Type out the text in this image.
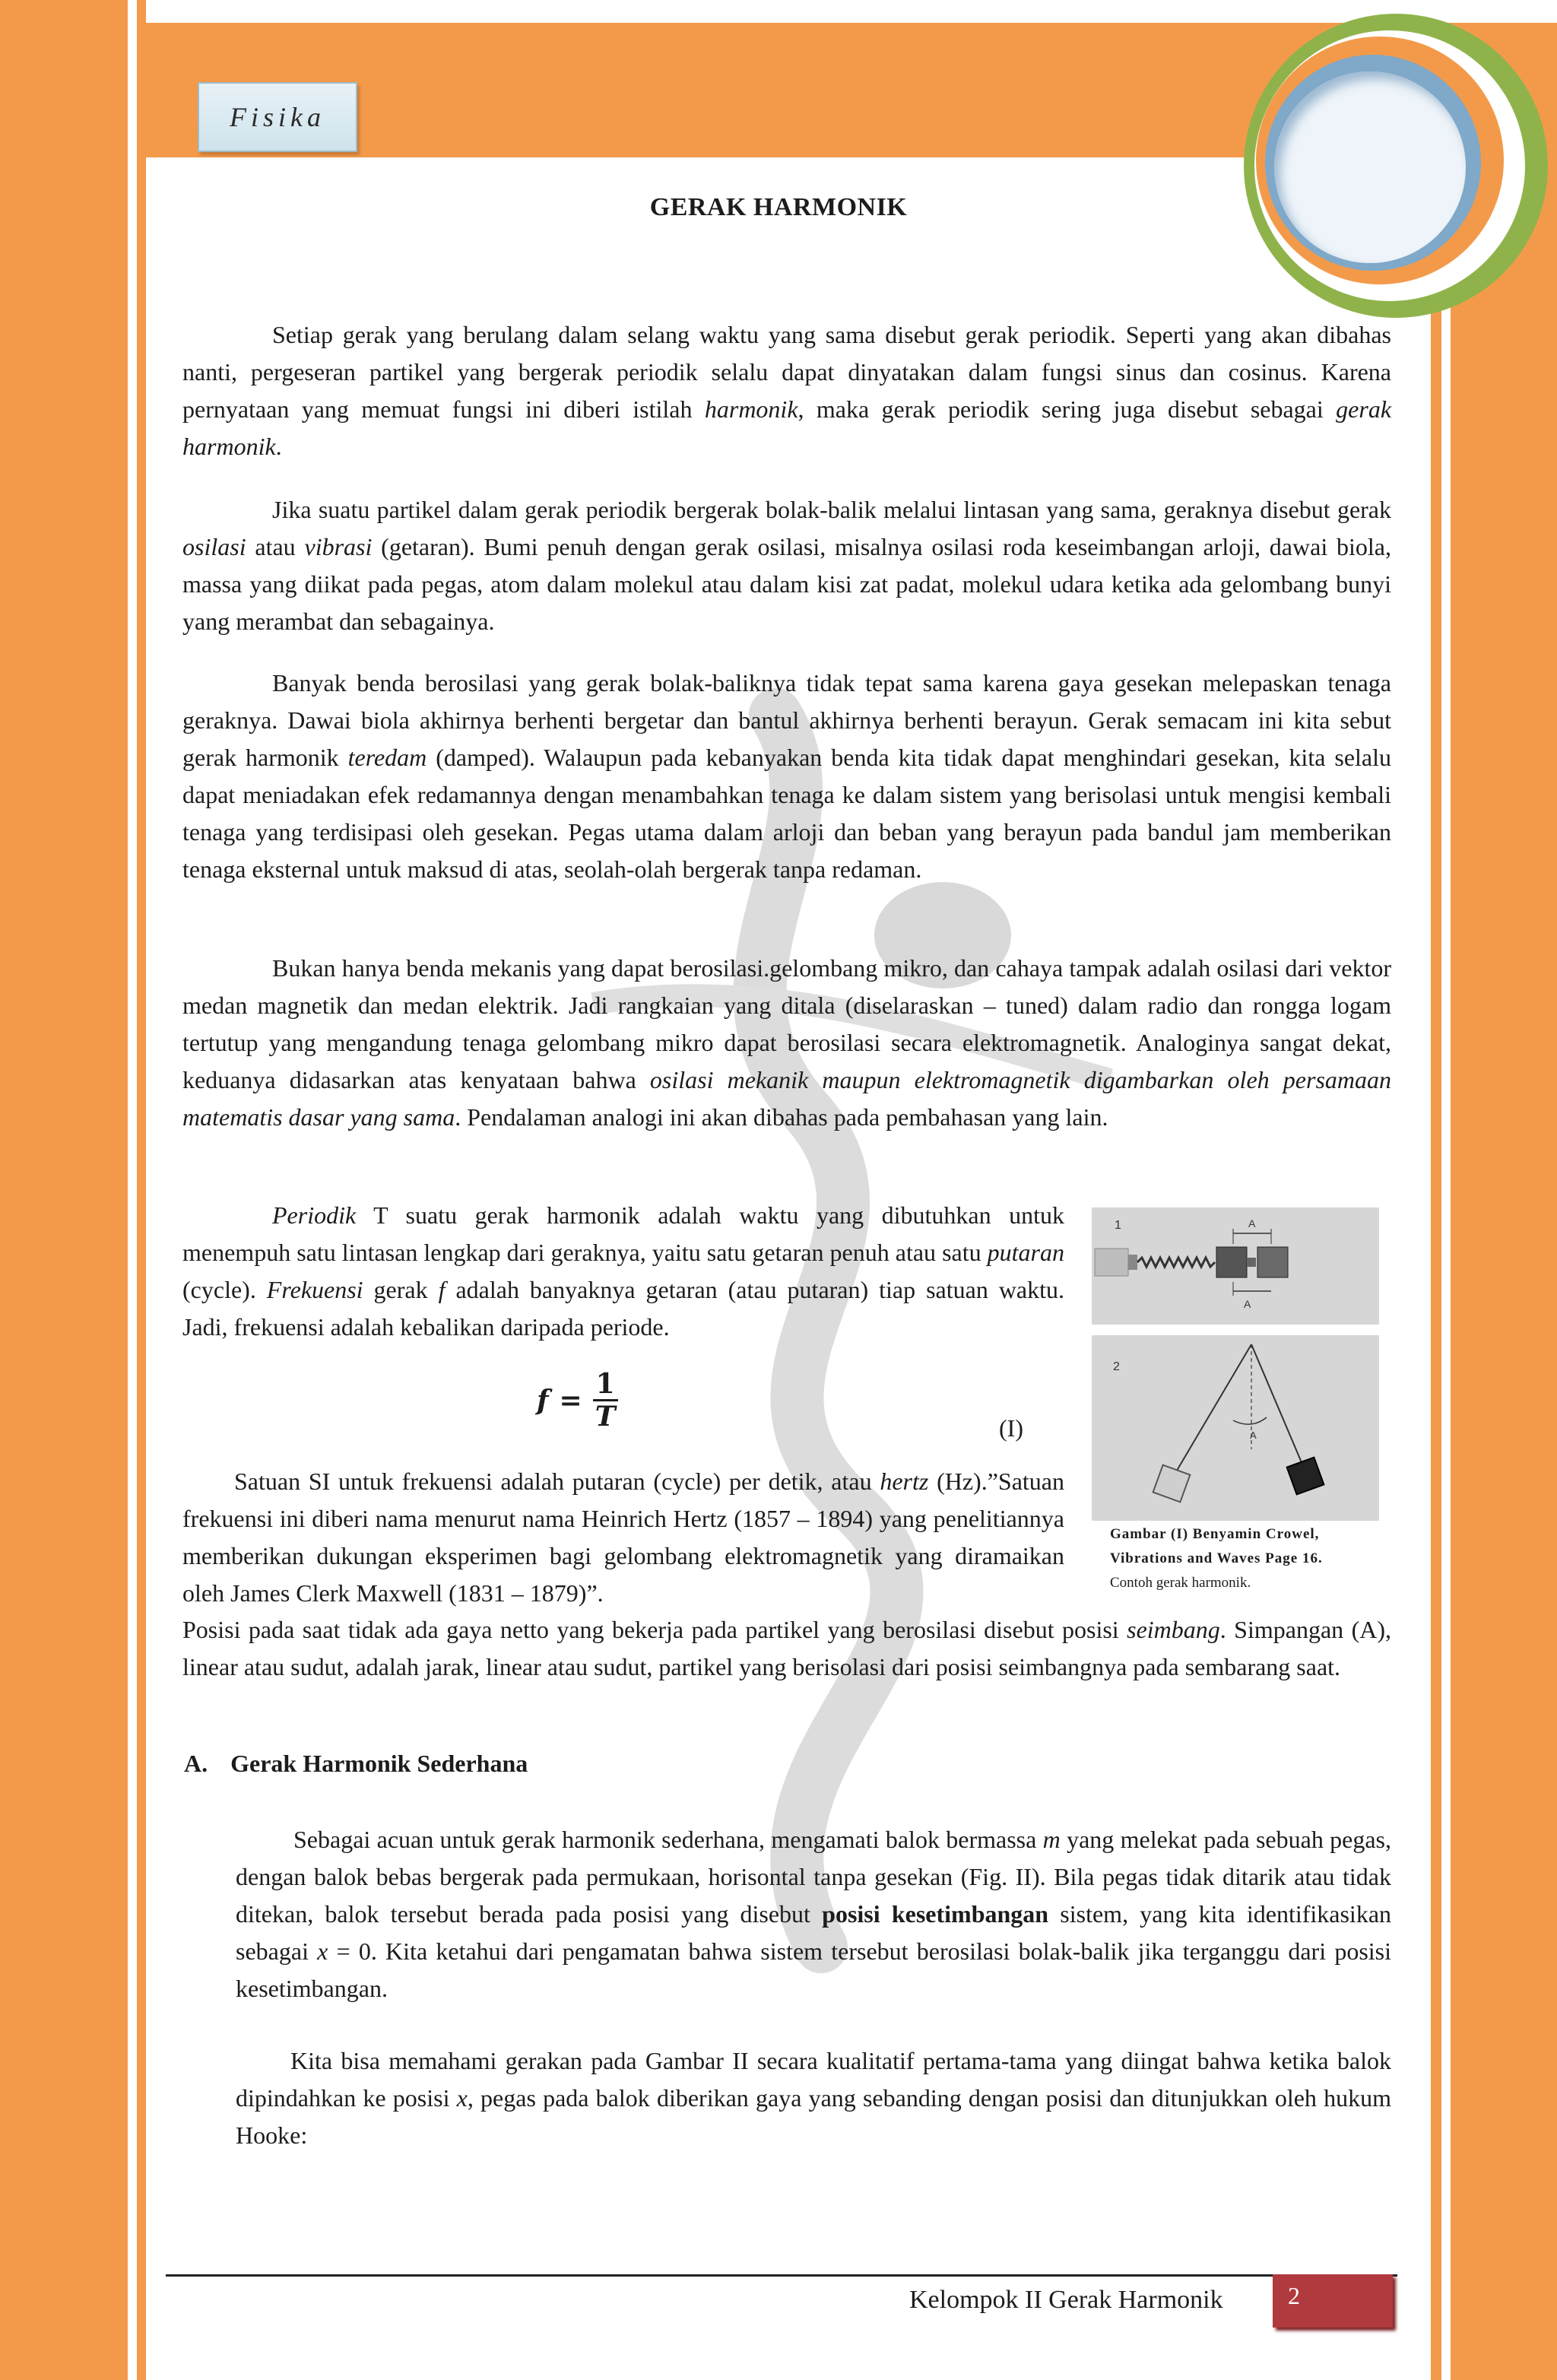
Fisika
GERAK HARMONIK
Setiap gerak yang berulang dalam selang waktu yang sama disebut gerak periodik. Seperti yang akan dibahas nanti, pergeseran partikel yang bergerak periodik selalu dapat dinyatakan dalam fungsi sinus dan cosinus. Karena pernyataan yang memuat fungsi ini diberi istilah harmonik, maka gerak periodik sering juga disebut sebagai gerak harmonik.
Jika suatu partikel dalam gerak periodik bergerak bolak-balik melalui lintasan yang sama, geraknya disebut gerak osilasi atau vibrasi (getaran). Bumi penuh dengan gerak osilasi, misalnya osilasi roda keseimbangan arloji, dawai biola, massa yang diikat pada pegas, atom dalam molekul atau dalam kisi zat padat, molekul udara ketika ada gelombang bunyi yang merambat dan sebagainya.
Banyak benda berosilasi yang gerak bolak-baliknya tidak tepat sama karena gaya gesekan melepaskan tenaga geraknya. Dawai biola akhirnya berhenti bergetar dan bantul akhirnya berhenti berayun. Gerak semacam ini kita sebut gerak harmonik teredam (damped). Walaupun pada kebanyakan benda kita tidak dapat menghindari gesekan, kita selalu dapat meniadakan efek redamannya dengan menambahkan tenaga ke dalam sistem yang berisolasi untuk mengisi kembali tenaga yang terdisipasi oleh gesekan. Pegas utama dalam arloji dan beban yang berayun pada bandul jam memberikan tenaga eksternal untuk maksud di atas, seolah-olah bergerak tanpa redaman.
Bukan hanya benda mekanis yang dapat berosilasi.gelombang mikro, dan cahaya tampak adalah osilasi dari vektor medan magnetik dan medan elektrik. Jadi rangkaian yang ditala (diselaraskan – tuned) dalam radio dan rongga logam tertutup yang mengandung tenaga gelombang mikro dapat berosilasi secara elektromagnetik. Analoginya sangat dekat, keduanya didasarkan atas kenyataan bahwa osilasi mekanik maupun elektromagnetik digambarkan oleh persamaan matematis dasar yang sama. Pendalaman analogi ini akan dibahas pada pembahasan yang lain.
Periodik T suatu gerak harmonik adalah waktu yang dibutuhkan untuk menempuh satu lintasan lengkap dari geraknya, yaitu satu getaran penuh atau satu putaran (cycle). Frekuensi gerak f adalah banyaknya getaran (atau putaran) tiap satuan waktu. Jadi, frekuensi adalah kebalikan daripada periode.
$f = \frac{1}{T}$	(I)
Satuan SI untuk frekuensi adalah putaran (cycle) per detik, atau hertz (Hz).”Satuan frekuensi ini diberi nama menurut nama Heinrich Hertz (1857 – 1894) yang penelitiannya memberikan dukungan eksperimen bagi gelombang elektromagnetik yang diramaikan oleh James Clerk Maxwell (1831 – 1879)”.
Posisi pada saat tidak ada gaya netto yang bekerja pada partikel yang berosilasi disebut posisi seimbang. Simpangan (A), linear atau sudut, adalah jarak, linear atau sudut, partikel yang berisolasi dari posisi seimbangnya pada sembarang saat.
1	A
A
2
A
Gambar (I) Benyamin Crowel,
Vibrations and Waves Page 16.
Contoh gerak harmonik.
A. Gerak Harmonik Sederhana
Sebagai acuan untuk gerak harmonik sederhana, mengamati balok bermassa m yang melekat pada sebuah pegas, dengan balok bebas bergerak pada permukaan, horisontal tanpa gesekan (Fig. II). Bila pegas tidak ditarik atau tidak ditekan, balok tersebut berada pada posisi yang disebut posisi kesetimbangan sistem, yang kita identifikasikan sebagai x = 0. Kita ketahui dari pengamatan bahwa sistem tersebut berosilasi bolak-balik jika terganggu dari posisi kesetimbangan.
Kita bisa memahami gerakan pada Gambar II secara kualitatif pertama-tama yang diingat bahwa ketika balok dipindahkan ke posisi x, pegas pada balok diberikan gaya yang sebanding dengan posisi dan ditunjukkan oleh hukum Hooke:
Kelompok II Gerak Harmonik	2
